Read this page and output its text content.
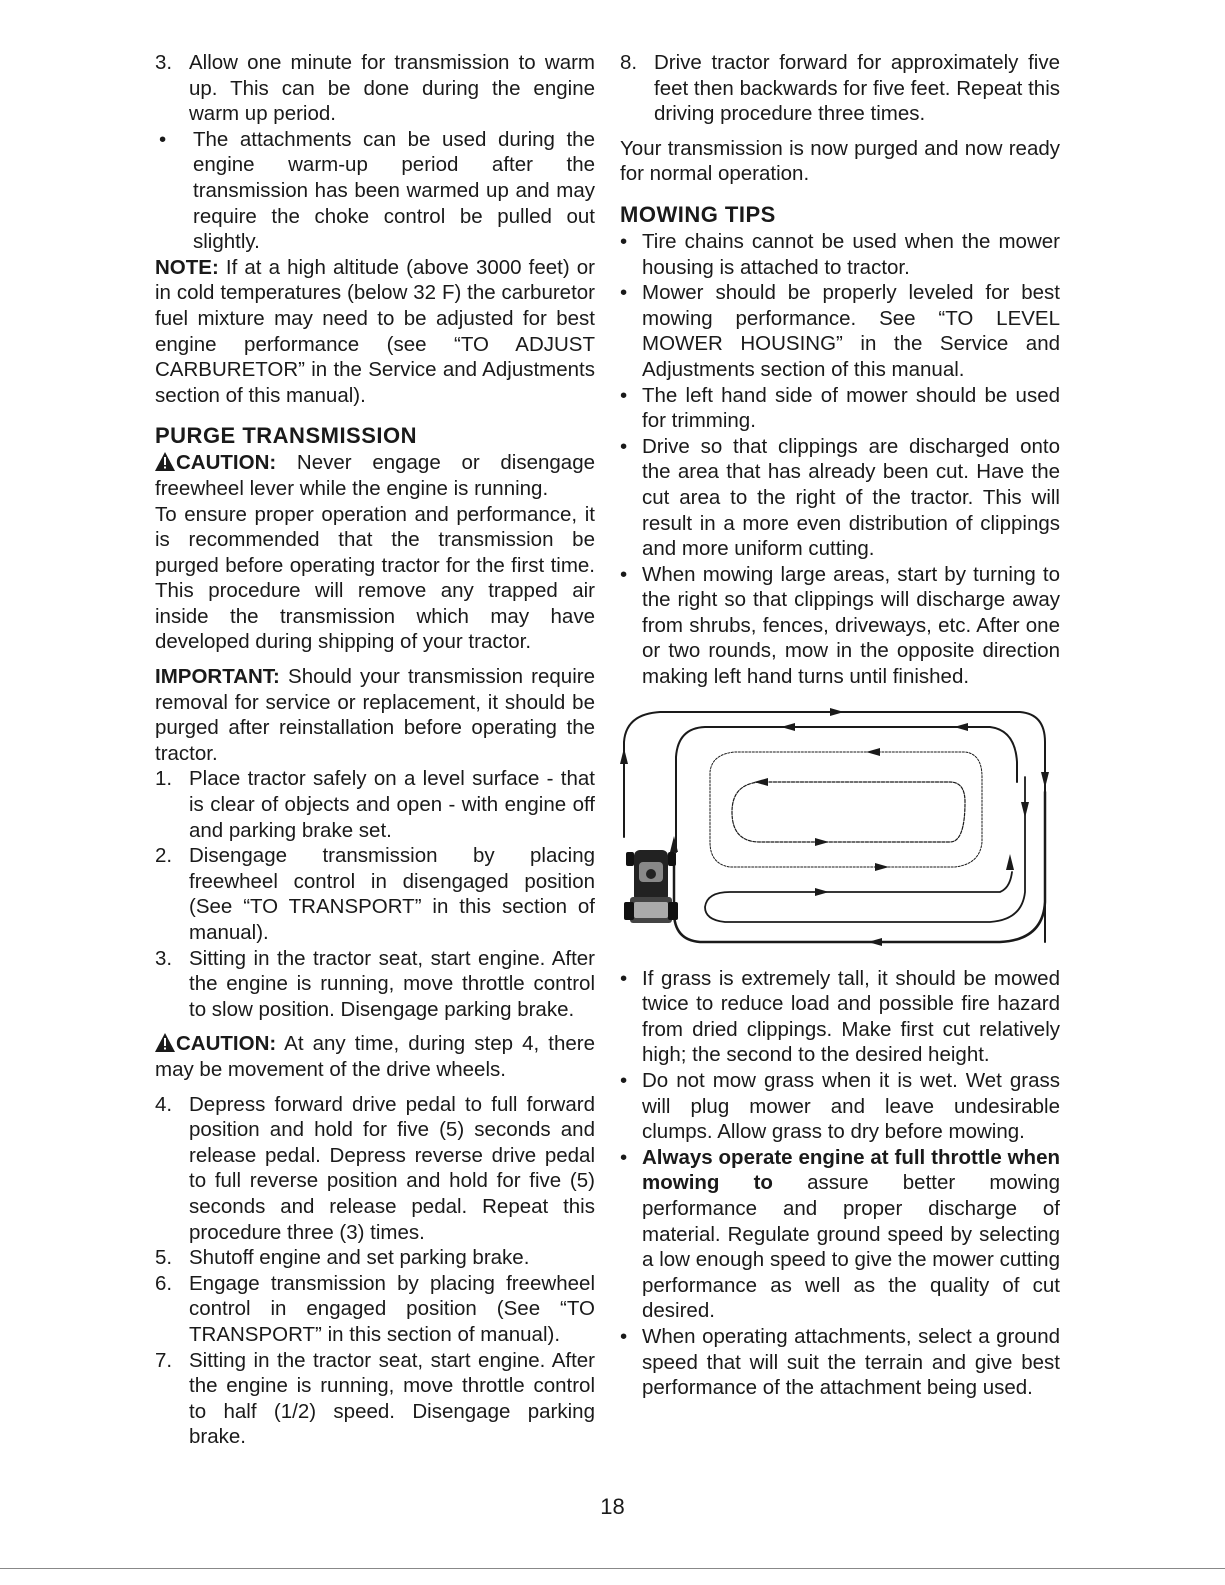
3. Allow one minute for transmission to warm up. This can be done during the engine warm up period.
•	The attachments can be used during the engine warm-up period after the transmission has been warmed up and may require the choke control be pulled out slightly.

NOTE: If at a high altitude (above 3000 feet) or in cold temperatures (below 32 F) the carburetor fuel mixture may need to be adjusted for best engine performance (see “TO ADJUST CARBURETOR” in the Service and Adjustments section of this manual).

PURGE TRANSMISSION

CAUTION: Never engage or disengage freewheel lever while the engine is running.

To ensure proper operation and performance, it is recommended that the transmission be purged before operating tractor for the first time. This procedure will remove any trapped air inside the transmission which may have developed during shipping of your tractor.

IMPORTANT: Should your transmission require removal for service or replacement, it should be purged after reinstallation before operating the tractor.

1. Place tractor safely on a level surface - that is clear of objects and open - with engine off and parking brake set.
2. Disengage transmission by placing freewheel control in disengaged position (See “TO TRANSPORT” in this section of manual).
3. Sitting in the tractor seat, start engine. After the engine is running, move throttle control to slow position. Disengage parking brake.

CAUTION: At any time, during step 4, there may be movement of the drive wheels.

4. Depress forward drive pedal to full forward position and hold for five (5) seconds and release pedal. Depress reverse drive pedal to full reverse position and hold for five (5) seconds and release pedal. Repeat this procedure three (3) times.
5. Shutoff engine and set parking brake.
6. Engage transmission by placing freewheel control in engaged position (See “TO TRANSPORT” in this section of manual).
7. Sitting in the tractor seat, start engine. After the engine is running, move throttle control to half (1/2) speed. Disengage parking brake.
8. Drive tractor forward for approximately five feet then backwards for five feet. Repeat this driving procedure three times.

Your transmission is now purged and now ready for normal operation.

MOWING TIPS
• Tire chains cannot be used when the mower housing is attached to tractor.
• Mower should be properly leveled for best mowing performance. See “TO LEVEL MOWER HOUSING” in the Service and Adjustments section of this manual.
• The left hand side of mower should be used for trimming.
• Drive so that clippings are discharged onto the area that has already been cut. Have the cut area to the right of the tractor. This will result in a more even distribution of clippings and more uniform cutting.
• When mowing large areas, start by turning to the right so that clippings will discharge away from shrubs, fences, driveways, etc. After one or two rounds, mow in the opposite direction making left hand turns until finished.
• If grass is extremely tall, it should be mowed twice to reduce load and possible fire hazard from dried clippings. Make first cut relatively high; the second to the desired height.
• Do not mow grass when it is wet. Wet grass will plug mower and leave undesirable clumps. Allow grass to dry before mowing.
• Always operate engine at full throttle when mowing to assure better mowing performance and proper discharge of material. Regulate ground speed by selecting a low enough speed to give the mower cutting performance as well as the quality of cut desired.
• When operating attachments, select a ground speed that will suit the terrain and give best performance of the attachment being used.
18
